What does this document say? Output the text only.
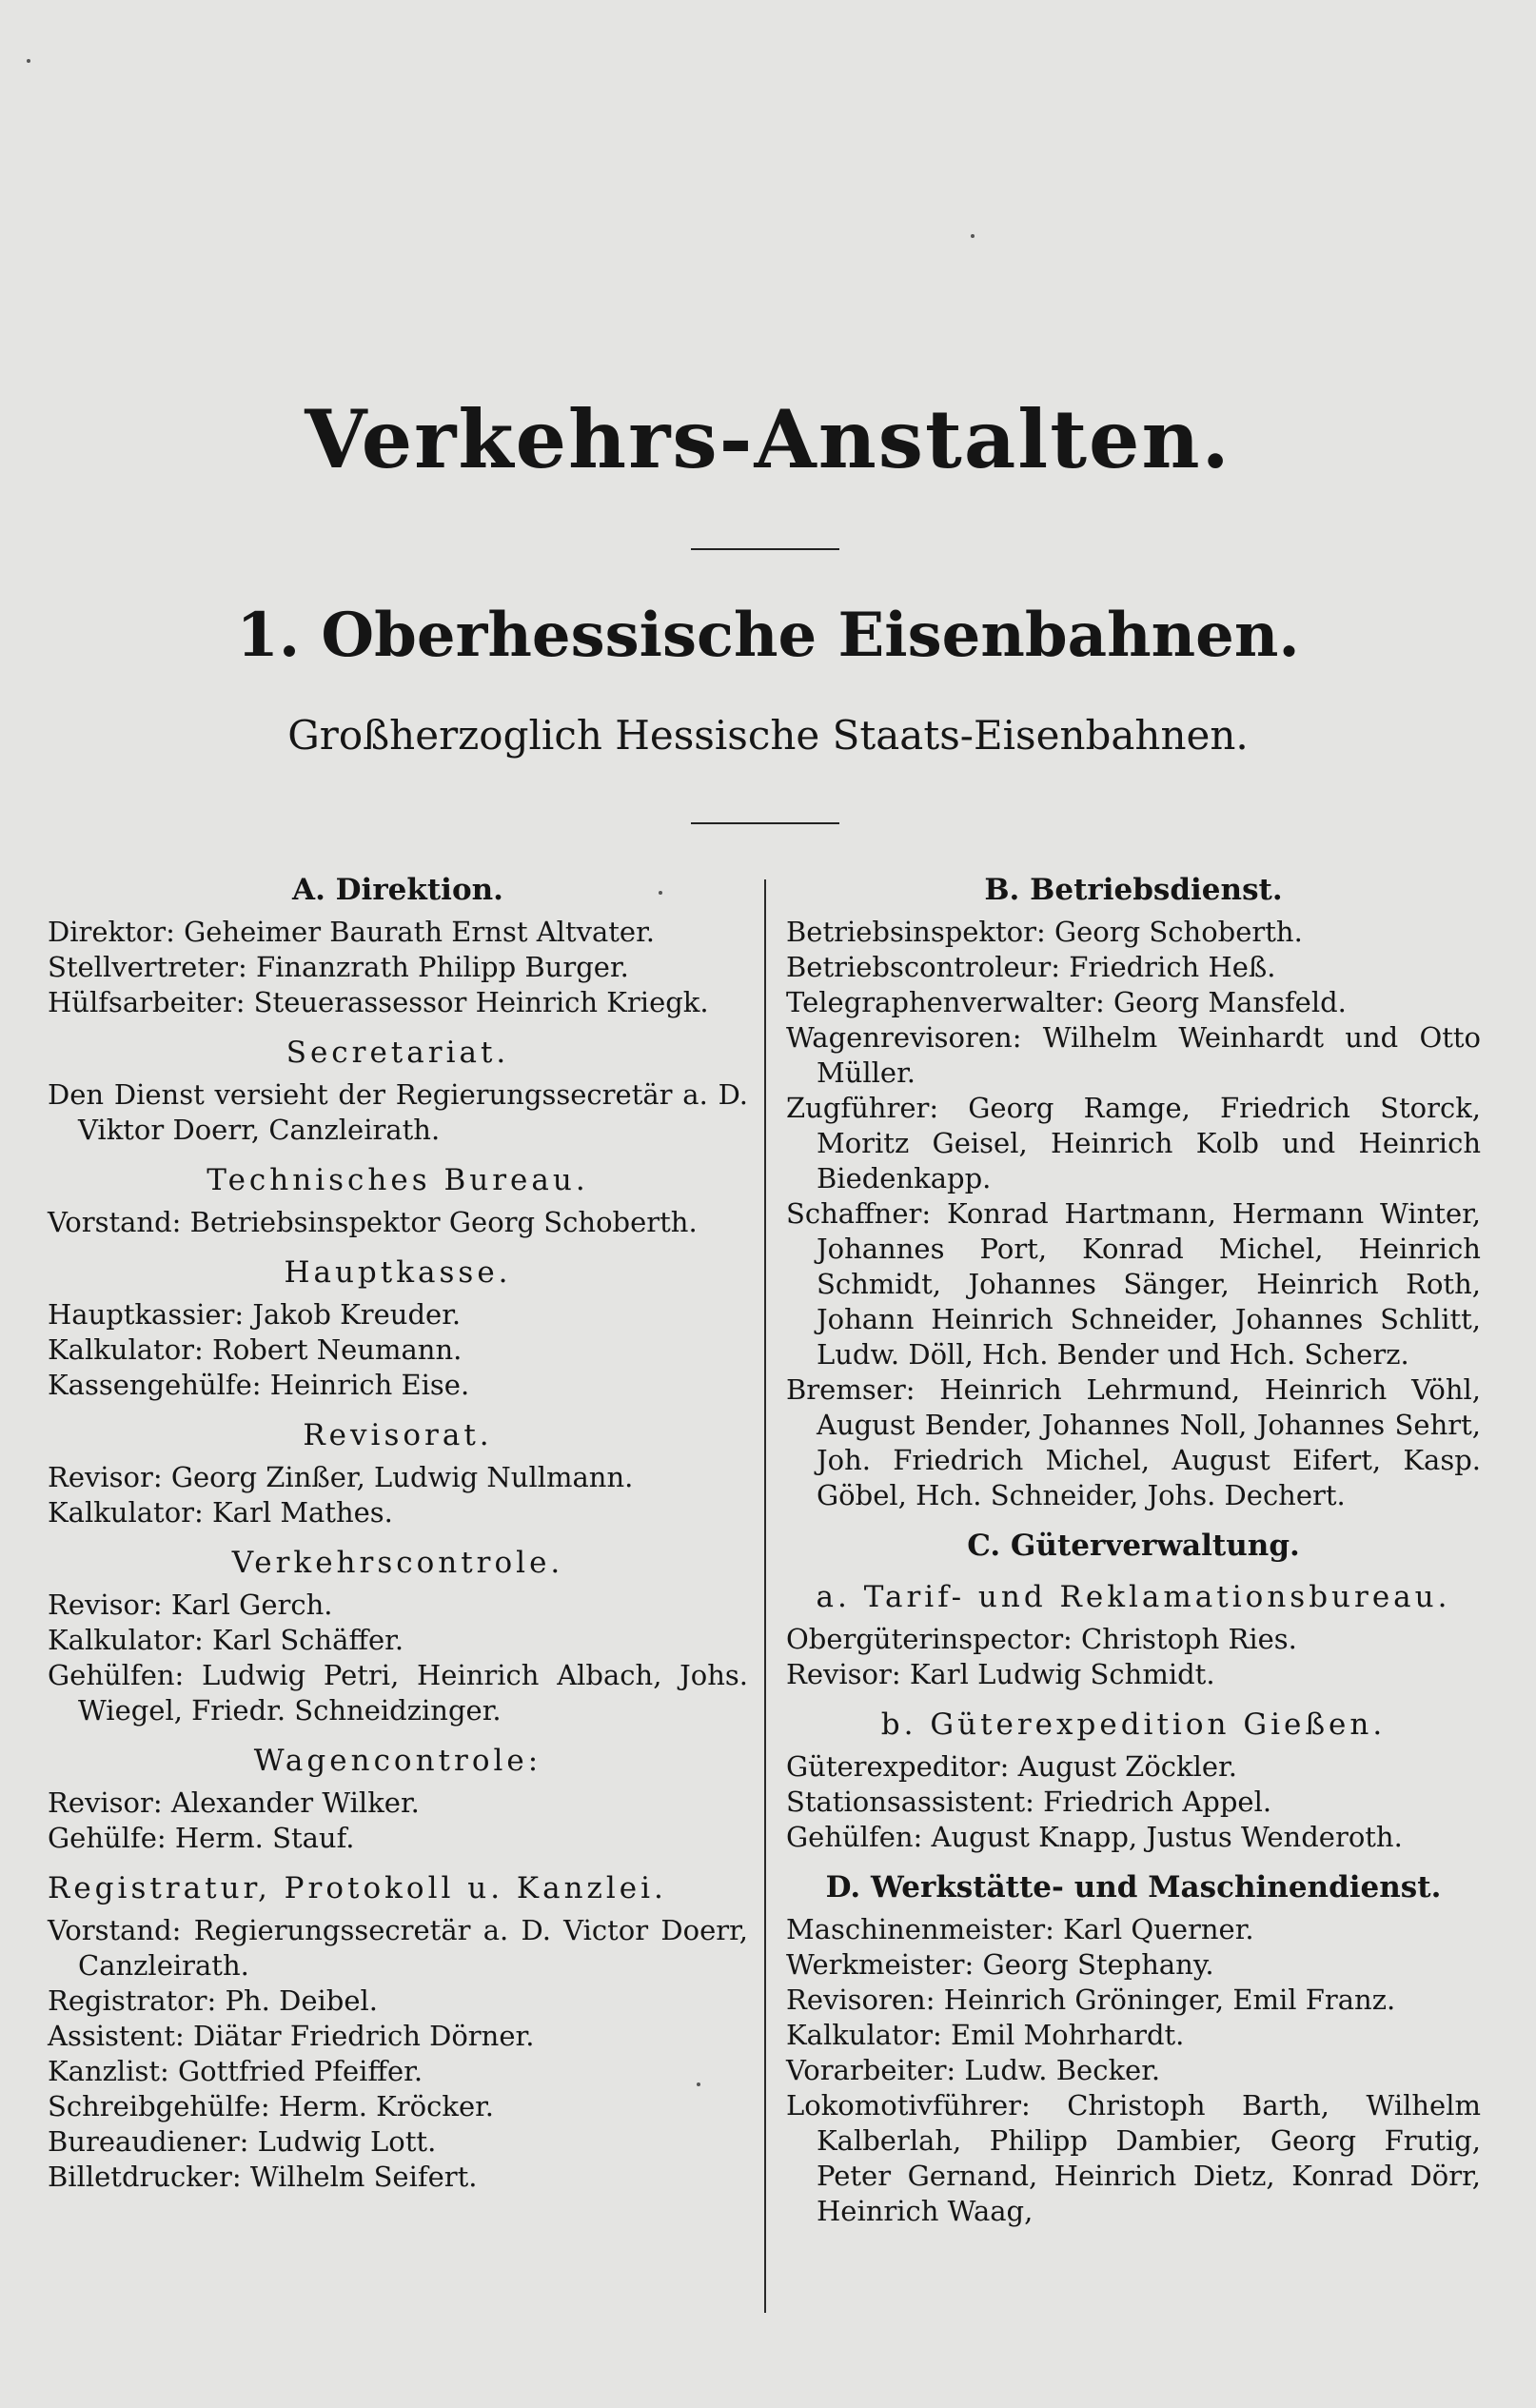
Verkehrs-Anstalten.
1. Oberhessische Eisenbahnen.
Großherzoglich Hessische Staats-Eisenbahnen.
A. Direktion.
Direktor: Geheimer Baurath Ernst Altvater.
Stellvertreter: Finanzrath Philipp Burger.
Hülfsarbeiter: Steuerassessor Heinrich Kriegk.
Secretariat.
Den Dienst versieht der Regierungssecretär a. D. Viktor Doerr, Canzleirath.
Technisches Bureau.
Vorstand: Betriebsinspektor Georg Schoberth.
Hauptkasse.
Hauptkassier: Jakob Kreuder.
Kalkulator: Robert Neumann.
Kassengehülfe: Heinrich Eise.
Revisorat.
Revisor: Georg Zinßer, Ludwig Nullmann.
Kalkulator: Karl Mathes.
Verkehrscontrole.
Revisor: Karl Gerch.
Kalkulator: Karl Schäffer.
Gehülfen: Ludwig Petri, Heinrich Albach, Johs. Wiegel, Friedr. Schneidzinger.
Wagencontrole:
Revisor: Alexander Wilker.
Gehülfe: Herm. Stauf.
Registratur, Protokoll u. Kanzlei.
Vorstand: Regierungssecretär a. D. Victor Doerr, Canzleirath.
Registrator: Ph. Deibel.
Assistent: Diätar Friedrich Dörner.
Kanzlist: Gottfried Pfeiffer.
Schreibgehülfe: Herm. Kröcker.
Bureaudiener: Ludwig Lott.
Billetdrucker: Wilhelm Seifert.
B. Betriebsdienst.
Betriebsinspektor: Georg Schoberth.
Betriebscontroleur: Friedrich Heß.
Telegraphenverwalter: Georg Mansfeld.
Wagenrevisoren: Wilhelm Weinhardt und Otto Müller.
Zugführer: Georg Ramge, Friedrich Storck, Moritz Geisel, Heinrich Kolb und Heinrich Biedenkapp.
Schaffner: Konrad Hartmann, Hermann Winter, Johannes Port, Konrad Michel, Heinrich Schmidt, Johannes Sänger, Heinrich Roth, Johann Heinrich Schneider, Johannes Schlitt, Ludw. Döll, Hch. Bender und Hch. Scherz.
Bremser: Heinrich Lehrmund, Heinrich Vöhl, August Bender, Johannes Noll, Johannes Sehrt, Joh. Friedrich Michel, August Eifert, Kasp. Göbel, Hch. Schneider, Johs. Dechert.
C. Güterverwaltung.
a. Tarif- und Reklamationsbureau.
Obergüterinspector: Christoph Ries.
Revisor: Karl Ludwig Schmidt.
b. Güterexpedition Gießen.
Güterexpeditor: August Zöckler.
Stationsassistent: Friedrich Appel.
Gehülfen: August Knapp, Justus Wenderoth.
D. Werkstätte- und Maschinendienst.
Maschinenmeister: Karl Querner.
Werkmeister: Georg Stephany.
Revisoren: Heinrich Gröninger, Emil Franz.
Kalkulator: Emil Mohrhardt.
Vorarbeiter: Ludw. Becker.
Lokomotivführer: Christoph Barth, Wilhelm Kalberlah, Philipp Dambier, Georg Frutig, Peter Gernand, Heinrich Dietz, Konrad Dörr, Heinrich Waag,
